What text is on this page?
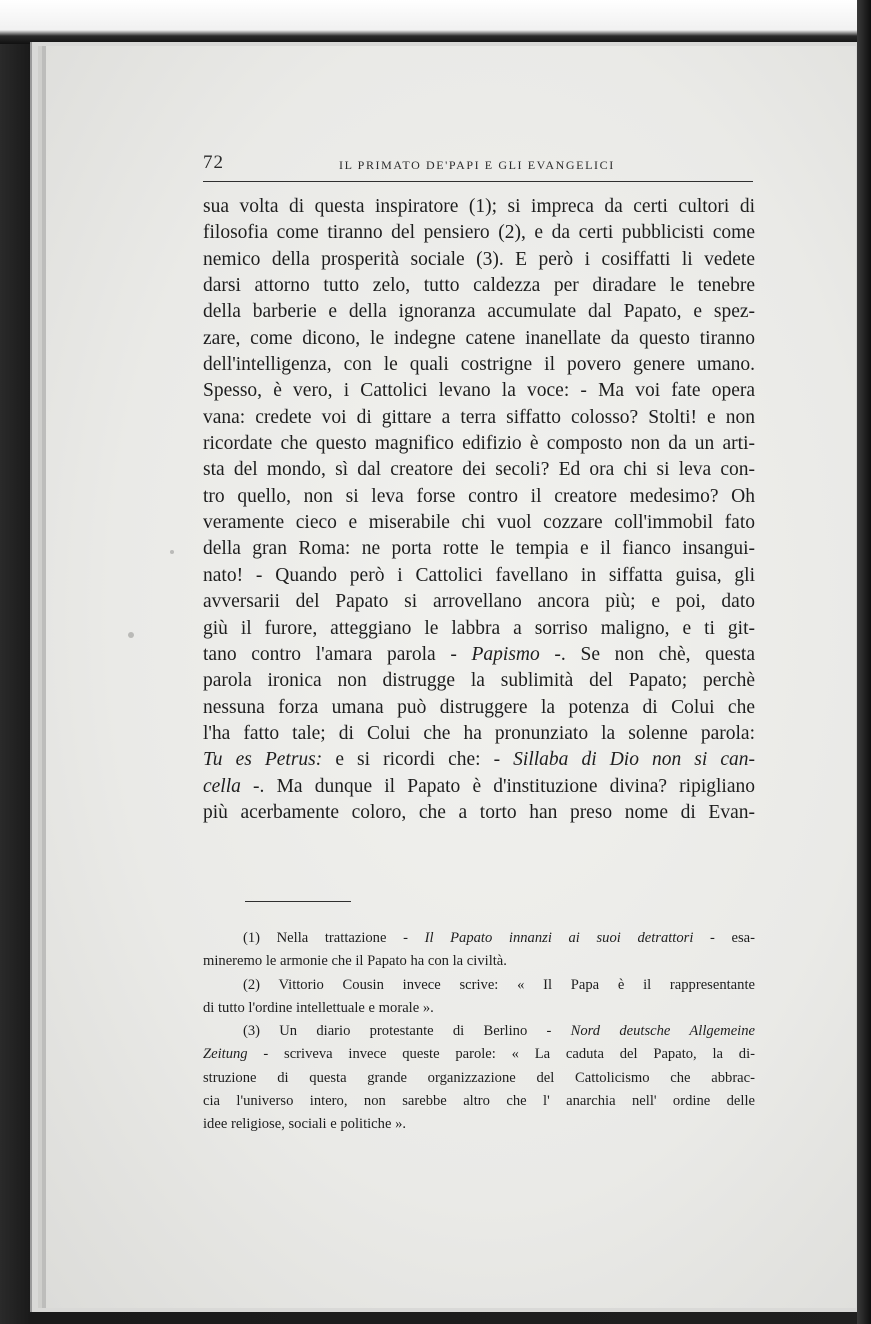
72	IL PRIMATO DE'PAPI E GLI EVANGELICI
sua volta di questa inspiratore (1); si impreca da certi cultori di
filosofia come tiranno del pensiero (2), e da certi pubblicisti come
nemico della prosperità sociale (3). E però i cosiffatti li vedete
darsi attorno tutto zelo, tutto caldezza per diradare le tenebre
della barberie e della ignoranza accumulate dal Papato, e spez-
zare, come dicono, le indegne catene inanellate da questo tiranno
dell'intelligenza, con le quali costrigne il povero genere umano.
Spesso, è vero, i Cattolici levano la voce: - Ma voi fate opera
vana: credete voi di gittare a terra siffatto colosso? Stolti! e non
ricordate che questo magnifico edifizio è composto non da un arti-
sta del mondo, sì dal creatore dei secoli? Ed ora chi si leva con-
tro quello, non si leva forse contro il creatore medesimo? Oh
veramente cieco e miserabile chi vuol cozzare coll'immobil fato
della gran Roma: ne porta rotte le tempia e il fianco insangui-
nato! - Quando però i Cattolici favellano in siffatta guisa, gli
avversarii del Papato si arrovellano ancora più; e poi, dato
giù il furore, atteggiano le labbra a sorriso maligno, e ti git-
tano contro l'amara parola - Papismo -. Se non chè, questa
parola ironica non distrugge la sublimità del Papato; perchè
nessuna forza umana può distruggere la potenza di Colui che
l'ha fatto tale; di Colui che ha pronunziato la solenne parola:
Tu es Petrus: e si ricordi che: - Sillaba di Dio non si can-
cella -. Ma dunque il Papato è d'instituzione divina? ripigliano
più acerbamente coloro, che a torto han preso nome di Evan-
(1) Nella trattazione - Il Papato innanzi ai suoi detrattori - esa-
mineremo le armonie che il Papato ha con la civiltà.
(2) Vittorio Cousin invece scrive: « Il Papa è il rappresentante
di tutto l'ordine intellettuale e morale ».
(3) Un diario protestante di Berlino - Nord deutsche Allgemeine
Zeitung - scriveva invece queste parole: « La caduta del Papato, la di-
struzione di questa grande organizzazione del Cattolicismo che abbrac-
cia l'universo intero, non sarebbe altro che l' anarchia nell' ordine delle
idee religiose, sociali e politiche ».
